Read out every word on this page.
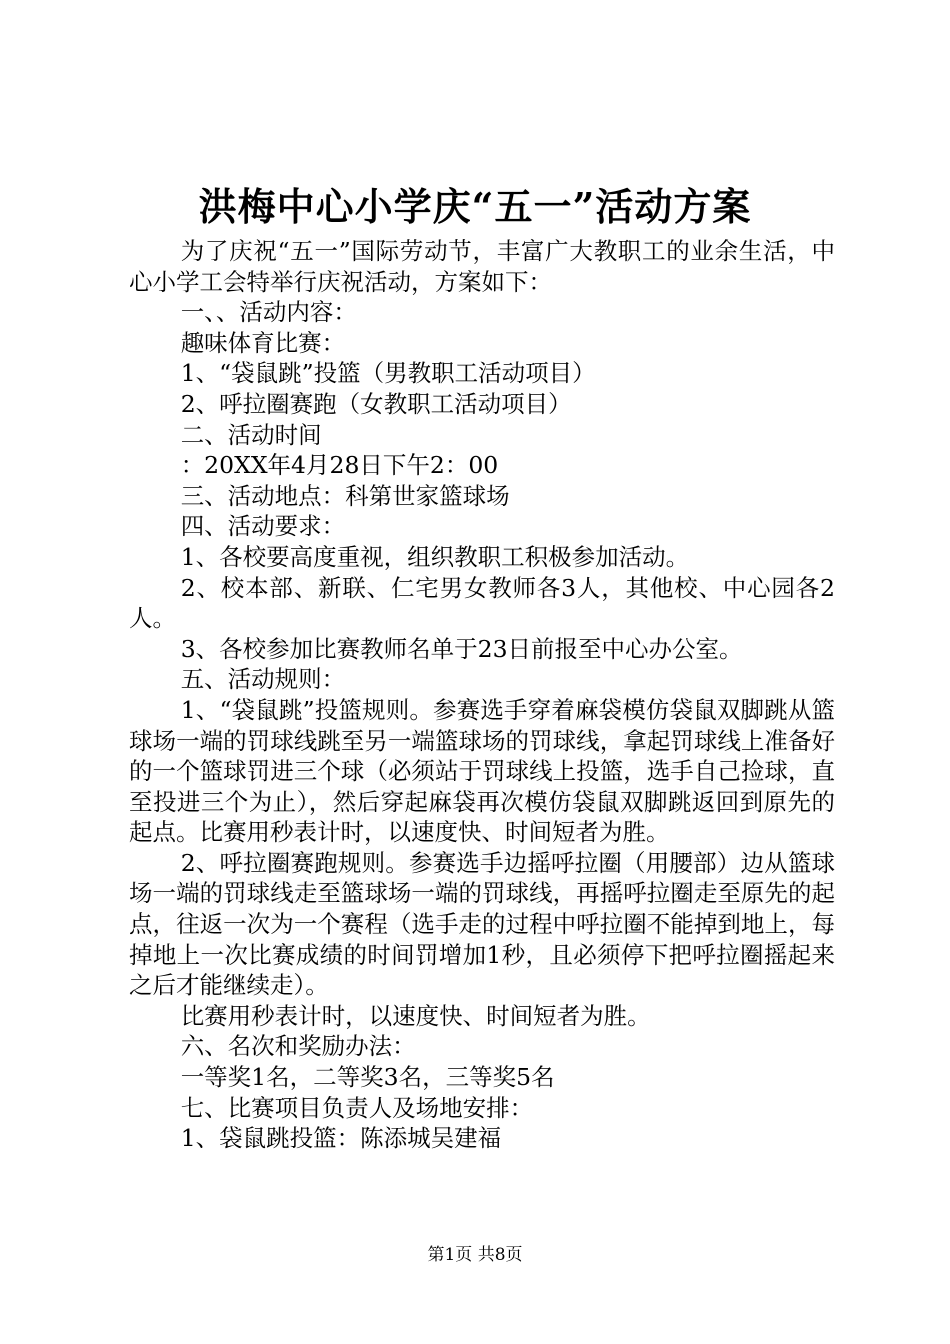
洪梅中心小学庆“五一”活动方案

为了庆祝“五一”国际劳动节，丰富广大教职工的业余生活，中心小学工会特举行庆祝活动，方案如下：

一、、活动内容：

趣味体育比赛：

1、“袋鼠跳”投篮（男教职工活动项目）

2、呼拉圈赛跑（女教职工活动项目）

二、活动时间

：20XX年4月28日下午2：00

三、活动地点：科第世家篮球场

四、活动要求：

1、各校要高度重视，组织教职工积极参加活动。

2、校本部、新联、仁宅男女教师各3人，其他校、中心园各2人。

3、各校参加比赛教师名单于23日前报至中心办公室。

五、活动规则：

1、“袋鼠跳”投篮规则。参赛选手穿着麻袋模仿袋鼠双脚跳从篮球场一端的罚球线跳至另一端篮球场的罚球线，拿起罚球线上准备好的一个篮球罚进三个球（必须站于罚球线上投篮，选手自己捡球，直至投进三个为止），然后穿起麻袋再次模仿袋鼠双脚跳返回到原先的起点。比赛用秒表计时，以速度快、时间短者为胜。

2、呼拉圈赛跑规则。参赛选手边摇呼拉圈（用腰部）边从篮球场一端的罚球线走至篮球场一端的罚球线，再摇呼拉圈走至原先的起点，往返一次为一个赛程（选手走的过程中呼拉圈不能掉到地上，每掉地上一次比赛成绩的时间罚增加1秒，且必须停下把呼拉圈摇起来之后才能继续走）。

比赛用秒表计时，以速度快、时间短者为胜。

六、名次和奖励办法：

一等奖1名，二等奖3名，三等奖5名

七、比赛项目负责人及场地安排：

1、袋鼠跳投篮：陈添城吴建福

第1页 共8页
